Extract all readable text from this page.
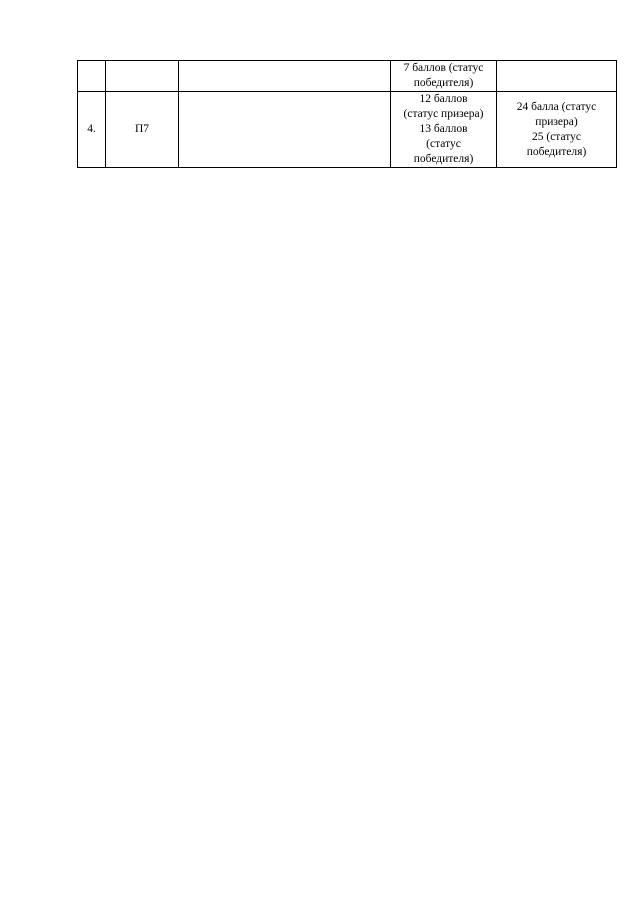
			7 баллов (статус
победителя)	

4.	П7		12 баллов
(статус призера)
13 баллов
(статус
победителя)	24 балла (статус
призера)
25 (статус
победителя)
